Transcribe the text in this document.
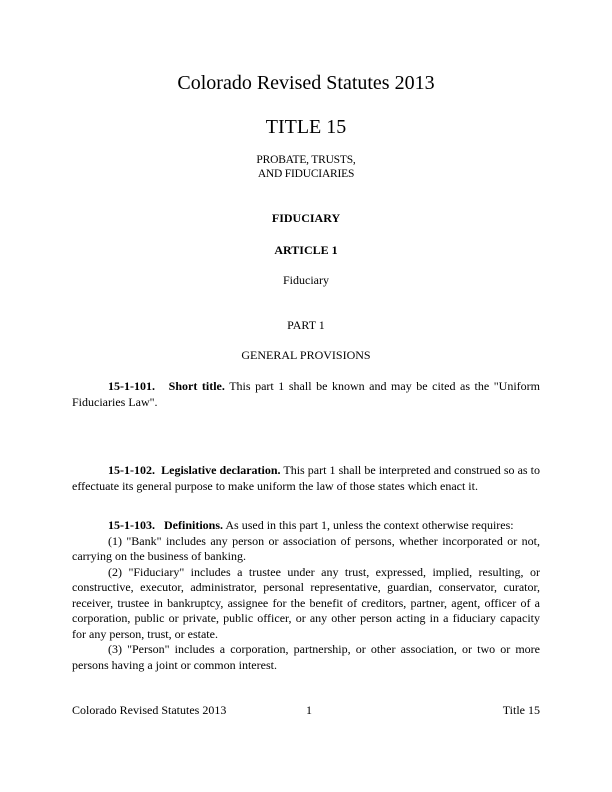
Colorado Revised Statutes 2013
TITLE 15
PROBATE, TRUSTS,
AND FIDUCIARIES
FIDUCIARY
ARTICLE 1
Fiduciary
PART 1
GENERAL PROVISIONS

15-1-101. Short title. This part 1 shall be known and may be cited as the "Uniform Fiduciaries Law".

15-1-102. Legislative declaration. This part 1 shall be interpreted and construed so as to effectuate its general purpose to make uniform the law of those states which enact it.

15-1-103. Definitions. As used in this part 1, unless the context otherwise requires:

(1) "Bank" includes any person or association of persons, whether incorporated or not, carrying on the business of banking.

(2) "Fiduciary" includes a trustee under any trust, expressed, implied, resulting, or constructive, executor, administrator, personal representative, guardian, conservator, curator, receiver, trustee in bankruptcy, assignee for the benefit of creditors, partner, agent, officer of a corporation, public or private, public officer, or any other person acting in a fiduciary capacity for any person, trust, or estate.

(3) "Person" includes a corporation, partnership, or other association, or two or more persons having a joint or common interest.

Colorado Revised Statutes 2013	1	Title 15
